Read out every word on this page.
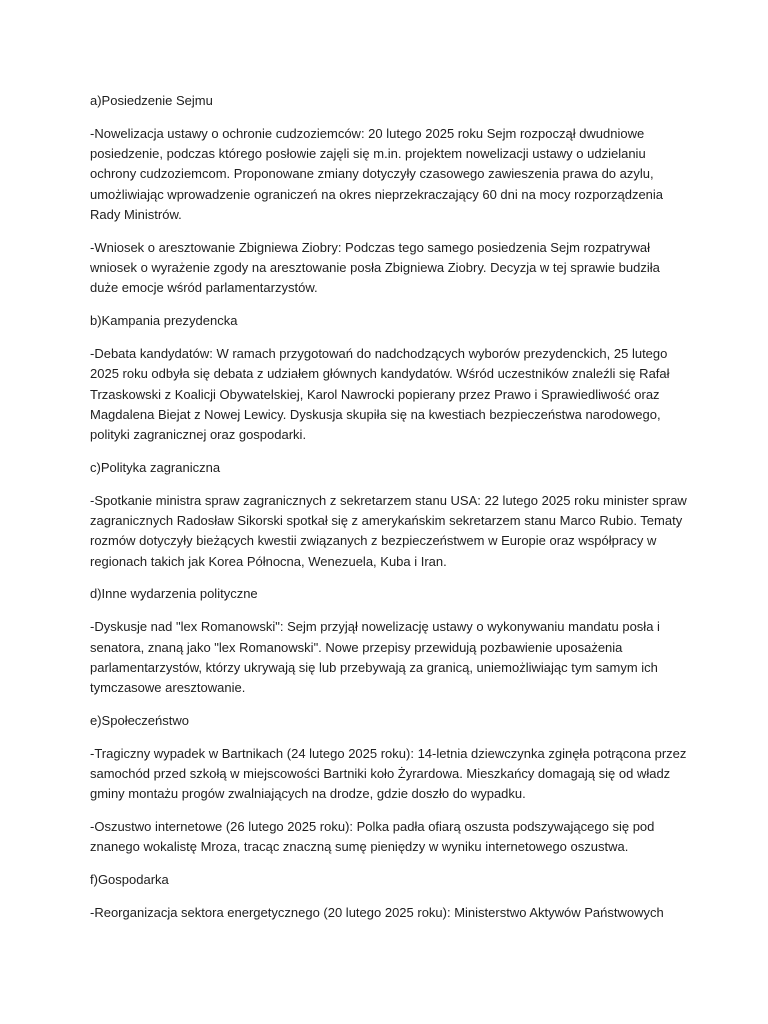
a)Posiedzenie Sejmu

-Nowelizacja ustawy o ochronie cudzoziemców: 20 lutego 2025 roku Sejm rozpoczął dwudniowe posiedzenie, podczas którego posłowie zajęli się m.in. projektem nowelizacji ustawy o udzielaniu ochrony cudzoziemcom. Proponowane zmiany dotyczyły czasowego zawieszenia prawa do azylu, umożliwiając wprowadzenie ograniczeń na okres nieprzekraczający 60 dni na mocy rozporządzenia Rady Ministrów.

-Wniosek o aresztowanie Zbigniewa Ziobry: Podczas tego samego posiedzenia Sejm rozpatrywał wniosek o wyrażenie zgody na aresztowanie posła Zbigniewa Ziobry. Decyzja w tej sprawie budziła duże emocje wśród parlamentarzystów.

b)Kampania prezydencka

-Debata kandydatów: W ramach przygotowań do nadchodzących wyborów prezydenckich, 25 lutego 2025 roku odbyła się debata z udziałem głównych kandydatów. Wśród uczestników znaleźli się Rafał Trzaskowski z Koalicji Obywatelskiej, Karol Nawrocki popierany przez Prawo i Sprawiedliwość oraz Magdalena Biejat z Nowej Lewicy. Dyskusja skupiła się na kwestiach bezpieczeństwa narodowego, polityki zagranicznej oraz gospodarki.

c)Polityka zagraniczna

-Spotkanie ministra spraw zagranicznych z sekretarzem stanu USA: 22 lutego 2025 roku minister spraw zagranicznych Radosław Sikorski spotkał się z amerykańskim sekretarzem stanu Marco Rubio. Tematy rozmów dotyczyły bieżących kwestii związanych z bezpieczeństwem w Europie oraz współpracy w regionach takich jak Korea Północna, Wenezuela, Kuba i Iran.

d)Inne wydarzenia polityczne

-Dyskusje nad "lex Romanowski": Sejm przyjął nowelizację ustawy o wykonywaniu mandatu posła i senatora, znaną jako "lex Romanowski". Nowe przepisy przewidują pozbawienie uposażenia parlamentarzystów, którzy ukrywają się lub przebywają za granicą, uniemożliwiając tym samym ich tymczasowe aresztowanie.

e)Społeczeństwo

-Tragiczny wypadek w Bartnikach (24 lutego 2025 roku): 14-letnia dziewczynka zginęła potrącona przez samochód przed szkołą w miejscowości Bartniki koło Żyrardowa. Mieszkańcy domagają się od władz gminy montażu progów zwalniających na drodze, gdzie doszło do wypadku.

-Oszustwo internetowe (26 lutego 2025 roku): Polka padła ofiarą oszusta podszywającego się pod znanego wokalistę Mroza, tracąc znaczną sumę pieniędzy w wyniku internetowego oszustwa.

f)Gospodarka

-Reorganizacja sektora energetycznego (20 lutego 2025 roku): Ministerstwo Aktywów Państwowych
